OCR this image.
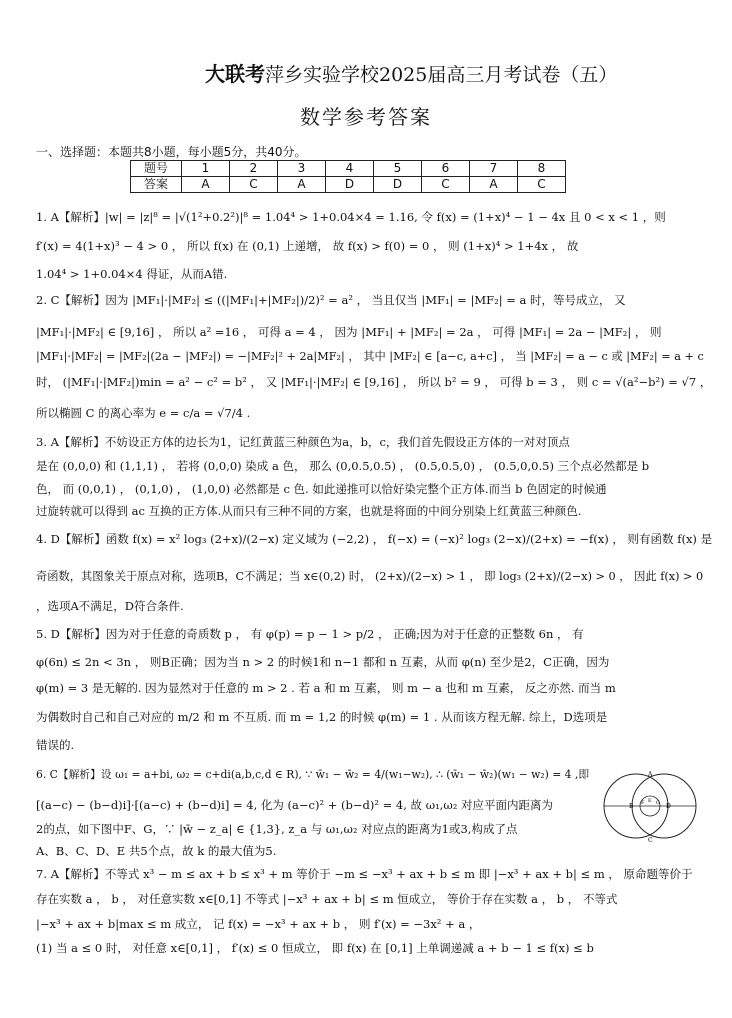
大联考萍乡实验学校2025届高三月考试卷（五）
数学参考答案
一、选择题：本题共8小题，每小题5分，共40分。
题号	1	2	3	4	5	6	7	8
答案	A	C	A	D	D	C	A	C
1. A【解析】|w| = |z|⁸ = |√(1²+0.2²)|⁸ = 1.04⁴ > 1+0.04×4 = 1.16, 令 f(x) = (1+x)⁴ − 1 − 4x 且 0 < x < 1 ，则
f′(x) = 4(1+x)³ − 4 > 0 ， 所以 f(x) 在 (0,1) 上递增， 故 f(x) > f(0) = 0 ， 则 (1+x)⁴ > 1+4x ， 故
1.04⁴ > 1+0.04×4 得证，从而A错.
2. C【解析】因为 |MF₁|·|MF₂| ≤ ((|MF₁|+|MF₂|)/2)² = a² ， 当且仅当 |MF₁| = |MF₂| = a 时，等号成立， 又
|MF₁|·|MF₂| ∈ [9,16] ， 所以 a² =16 ， 可得 a = 4 ， 因为 |MF₁| + |MF₂| = 2a ， 可得 |MF₁| = 2a − |MF₂| ， 则
|MF₁|·|MF₂| = |MF₂|(2a − |MF₂|) = −|MF₂|² + 2a|MF₂| ， 其中 |MF₂| ∈ [a−c, a+c] ， 当 |MF₂| = a − c 或 |MF₂| = a + c
时， (|MF₁|·|MF₂|)min = a² − c² = b² ， 又 |MF₁|·|MF₂| ∈ [9,16] ， 所以 b² = 9 ， 可得 b = 3 ， 则 c = √(a²−b²) = √7 ，
所以椭圆 C 的离心率为 e = c/a = √7/4 .
3. A【解析】不妨设正方体的边长为1，记红黄蓝三种颜色为a，b，c，我们首先假设正方体的一对对顶点
是在 (0,0,0) 和 (1,1,1) ， 若将 (0,0,0) 染成 a 色， 那么 (0,0.5,0.5) ， (0.5,0.5,0) ， (0.5,0,0.5) 三个点必然都是 b
色， 而 (0,0,1) ， (0,1,0) ， (1,0,0) 必然都是 c 色. 如此递推可以恰好染完整个正方体.而当 b 色固定的时候通
过旋转就可以得到 ac 互换的正方体.从而只有三种不同的方案，也就是将面的中间分别染上红黄蓝三种颜色.
4. D【解析】函数 f(x) = x² log₃ (2+x)/(2−x) 定义域为 (−2,2) ， f(−x) = (−x)² log₃ (2−x)/(2+x) = −f(x) ， 则有函数 f(x) 是
奇函数，其图象关于原点对称，选项B，C不满足；当 x∈(0,2) 时， (2+x)/(2−x) > 1 ， 即 log₃ (2+x)/(2−x) > 0 ， 因此 f(x) > 0
，选项A不满足，D符合条件.
5. D【解析】因为对于任意的奇质数 p ， 有 φ(p) = p − 1 > p/2 ， 正确;因为对于任意的正整数 6n ， 有
φ(6n) ≤ 2n < 3n ， 则B正确；因为当 n > 2 的时候1和 n−1 都和 n 互素，从而 φ(n) 至少是2，C正确，因为
φ(m) = 3 是无解的. 因为显然对于任意的 m > 2 . 若 a 和 m 互素， 则 m − a 也和 m 互素， 反之亦然. 而当 m
为偶数时自己和自己对应的 m/2 和 m 不互质. 而 m = 1,2 的时候 φ(m) = 1 . 从而该方程无解. 综上，D选项是
错误的.
6. C【解析】设 ω₁ = a+bi, ω₂ = c+di(a,b,c,d ∈ R), ∵ w̄₁ − w̄₂ = 4/(w₁−w₂), ∴ (w̄₁ − w̄₂)(w₁ − w₂) = 4 ,即
[(a−c) − (b−d)i]·[(a−c) + (b−d)i] = 4, 化为 (a−c)² + (b−d)² = 4, 故 ω₁,ω₂ 对应平面内距离为
2的点，如下图中F、G，∵ |w̄ − z_a| ∈ {1,3}, z_a 与 ω₁,ω₂ 对应点的距离为1或3,构成了点
A、B、C、D、E 共5个点，故 k 的最大值为5.
A
B F E G D
C
7. A【解析】不等式 x³ − m ≤ ax + b ≤ x³ + m 等价于 −m ≤ −x³ + ax + b ≤ m 即 |−x³ + ax + b| ≤ m ， 原命题等价于
存在实数 a ， b ， 对任意实数 x∈[0,1] 不等式 |−x³ + ax + b| ≤ m 恒成立， 等价于存在实数 a ， b ， 不等式
|−x³ + ax + b|max ≤ m 成立， 记 f(x) = −x³ + ax + b ， 则 f′(x) = −3x² + a ，
(1) 当 a ≤ 0 时， 对任意 x∈[0,1] ， f′(x) ≤ 0 恒成立， 即 f(x) 在 [0,1] 上单调递减 a + b − 1 ≤ f(x) ≤ b
